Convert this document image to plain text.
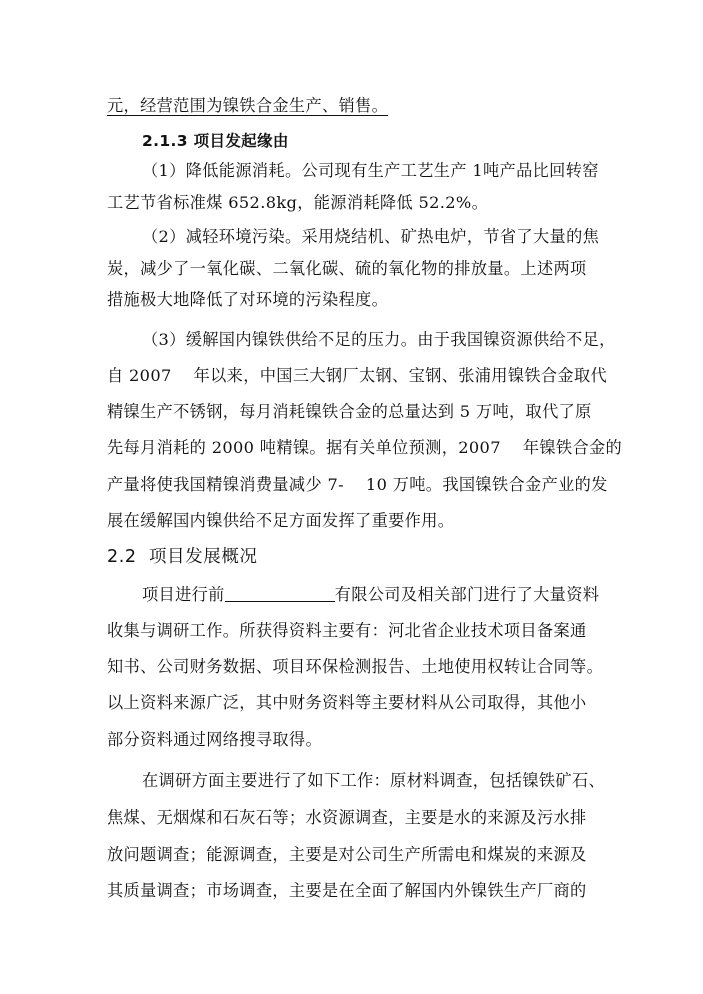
元，经营范围为镍铁合金生产、销售。
2.1.3 项目发起缘由
（1）降低能源消耗。公司现有生产工艺生产 1吨产品比回转窑
工艺节省标准煤 652.8kg，能源消耗降低 52.2%。
（2）减轻环境污染。采用烧结机、矿热电炉，节省了大量的焦
炭，减少了一氧化碳、二氧化碳、硫的氧化物的排放量。上述两项
措施极大地降低了对环境的污染程度。
（3）缓解国内镍铁供给不足的压力。由于我国镍资源供给不足，
自 2007    年以来，中国三大钢厂太钢、宝钢、张浦用镍铁合金取代
精镍生产不锈钢，每月消耗镍铁合金的总量达到 5 万吨，取代了原
先每月消耗的 2000 吨精镍。据有关单位预测，2007    年镍铁合金的
产量将使我国精镍消费量减少 7-    10 万吨。我国镍铁合金产业的发
展在缓解国内镍供给不足方面发挥了重要作用。
2.2  项目发展概况
项目进行前	有限公司及相关部门进行了大量资料
收集与调研工作。所获得资料主要有：河北省企业技术项目备案通
知书、公司财务数据、项目环保检测报告、土地使用权转让合同等。
以上资料来源广泛，其中财务资料等主要材料从公司取得，其他小
部分资料通过网络搜寻取得。
在调研方面主要进行了如下工作：原材料调查，包括镍铁矿石、
焦煤、无烟煤和石灰石等；水资源调查，主要是水的来源及污水排
放问题调查；能源调查，主要是对公司生产所需电和煤炭的来源及
其质量调查；市场调查，主要是在全面了解国内外镍铁生产厂商的
